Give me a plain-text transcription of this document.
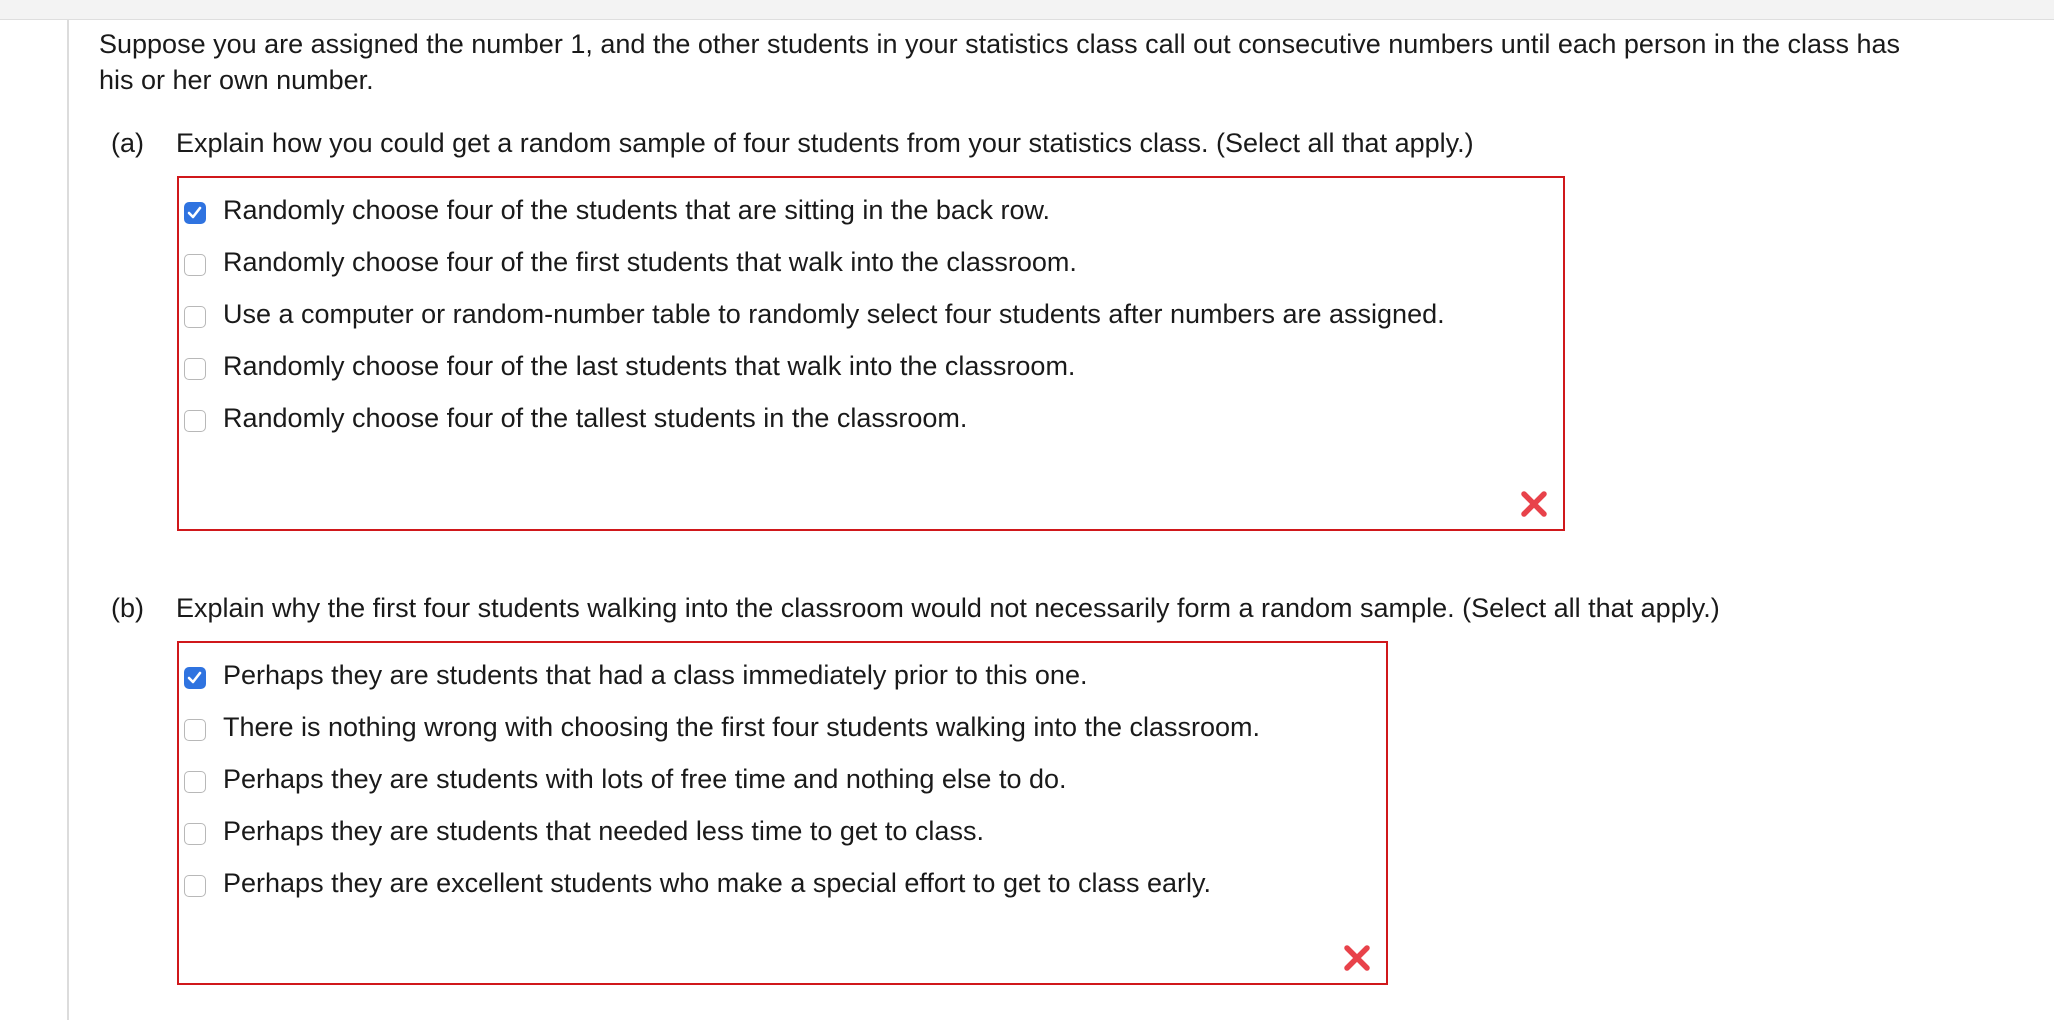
Suppose you are assigned the number 1, and the other students in your statistics class call out consecutive numbers until each person in the class has
his or her own number.

(a) Explain how you could get a random sample of four students from your statistics class. (Select all that apply.)
Randomly choose four of the students that are sitting in the back row.
Randomly choose four of the first students that walk into the classroom.
Use a computer or random-number table to randomly select four students after numbers are assigned.
Randomly choose four of the last students that walk into the classroom.
Randomly choose four of the tallest students in the classroom.
(b) Explain why the first four students walking into the classroom would not necessarily form a random sample. (Select all that apply.)
Perhaps they are students that had a class immediately prior to this one.
There is nothing wrong with choosing the first four students walking into the classroom.
Perhaps they are students with lots of free time and nothing else to do.
Perhaps they are students that needed less time to get to class.
Perhaps they are excellent students who make a special effort to get to class early.
